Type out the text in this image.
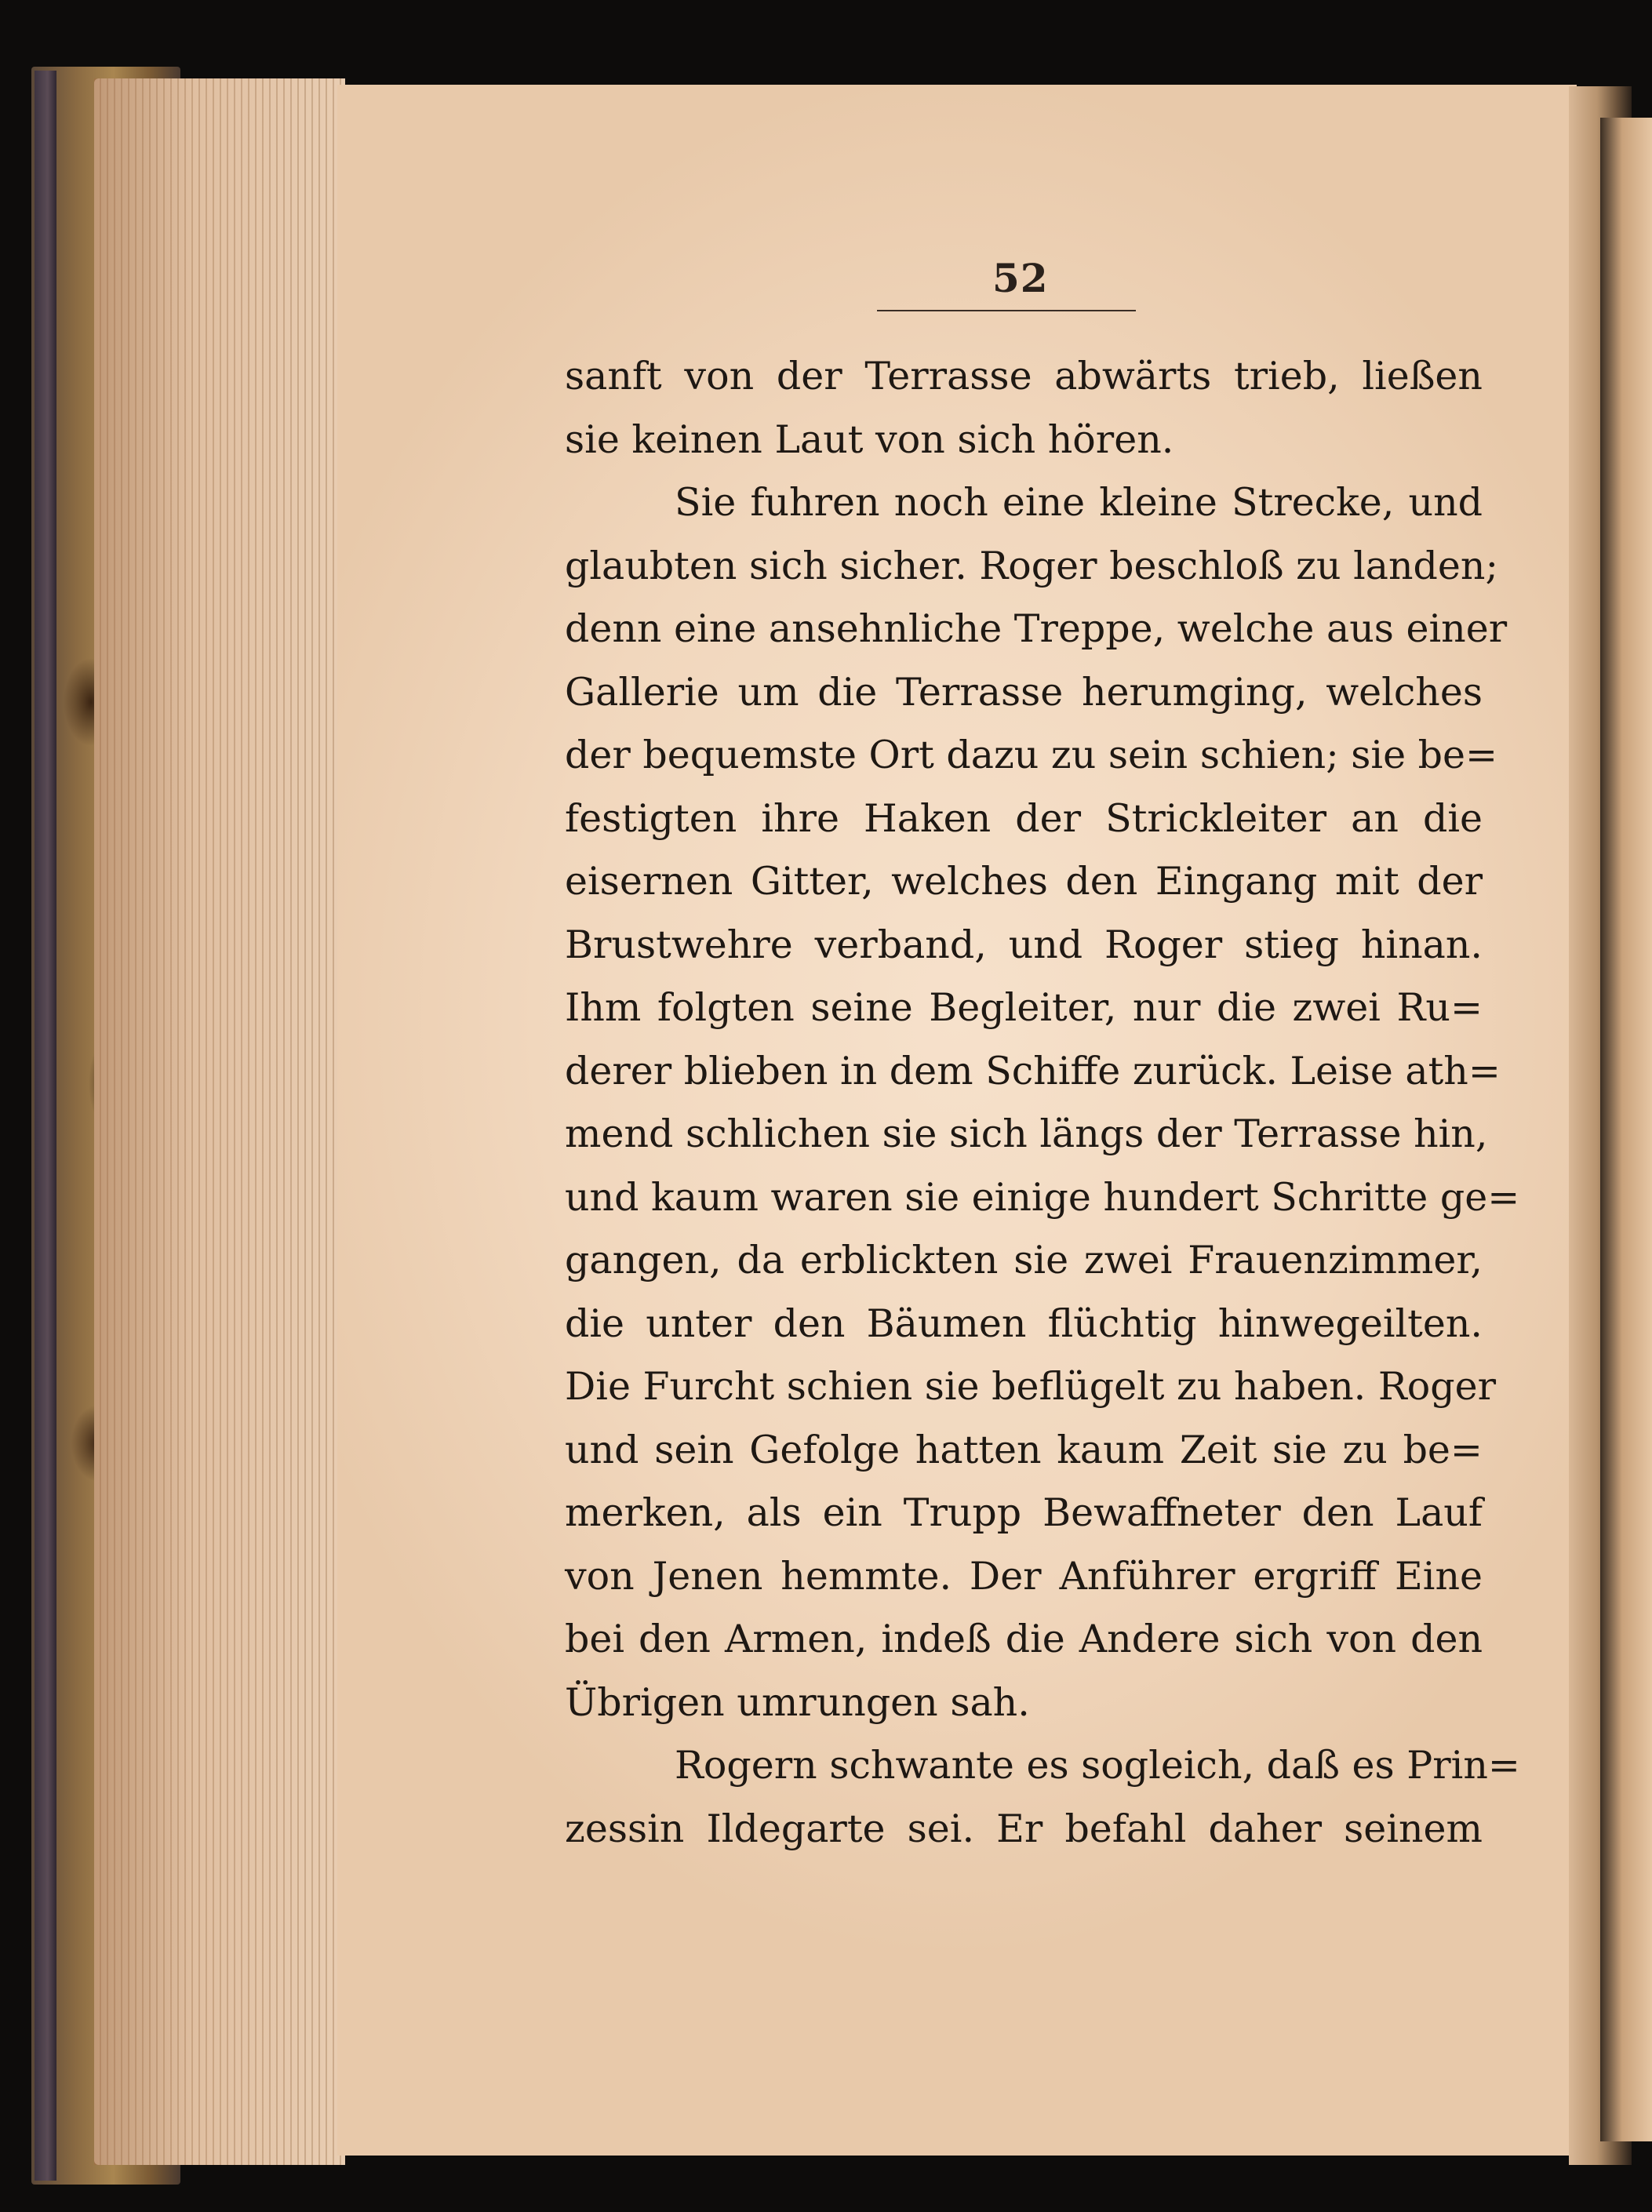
52
sanft von der Terrasse abwärts trieb, ließen
sie keinen Laut von sich hören.
Sie fuhren noch eine kleine Strecke, und
glaubten sich sicher. Roger beschloß zu landen;
denn eine ansehnliche Treppe, welche aus einer
Gallerie um die Terrasse herumging, welches
der bequemste Ort dazu zu sein schien; sie be=
festigten ihre Haken der Strickleiter an die
eisernen Gitter, welches den Eingang mit der
Brustwehre verband, und Roger stieg hinan.
Ihm folgten seine Begleiter, nur die zwei Ru=
derer blieben in dem Schiffe zurück. Leise ath=
mend schlichen sie sich längs der Terrasse hin,
und kaum waren sie einige hundert Schritte ge=
gangen, da erblickten sie zwei Frauenzimmer,
die unter den Bäumen flüchtig hinwegeilten.
Die Furcht schien sie beflügelt zu haben. Roger
und sein Gefolge hatten kaum Zeit sie zu be=
merken, als ein Trupp Bewaffneter den Lauf
von Jenen hemmte. Der Anführer ergriff Eine
bei den Armen, indeß die Andere sich von den
Übrigen umrungen sah.
Rogern schwante es sogleich, daß es Prin=
zessin Ildegarte sei. Er befahl daher seinem
